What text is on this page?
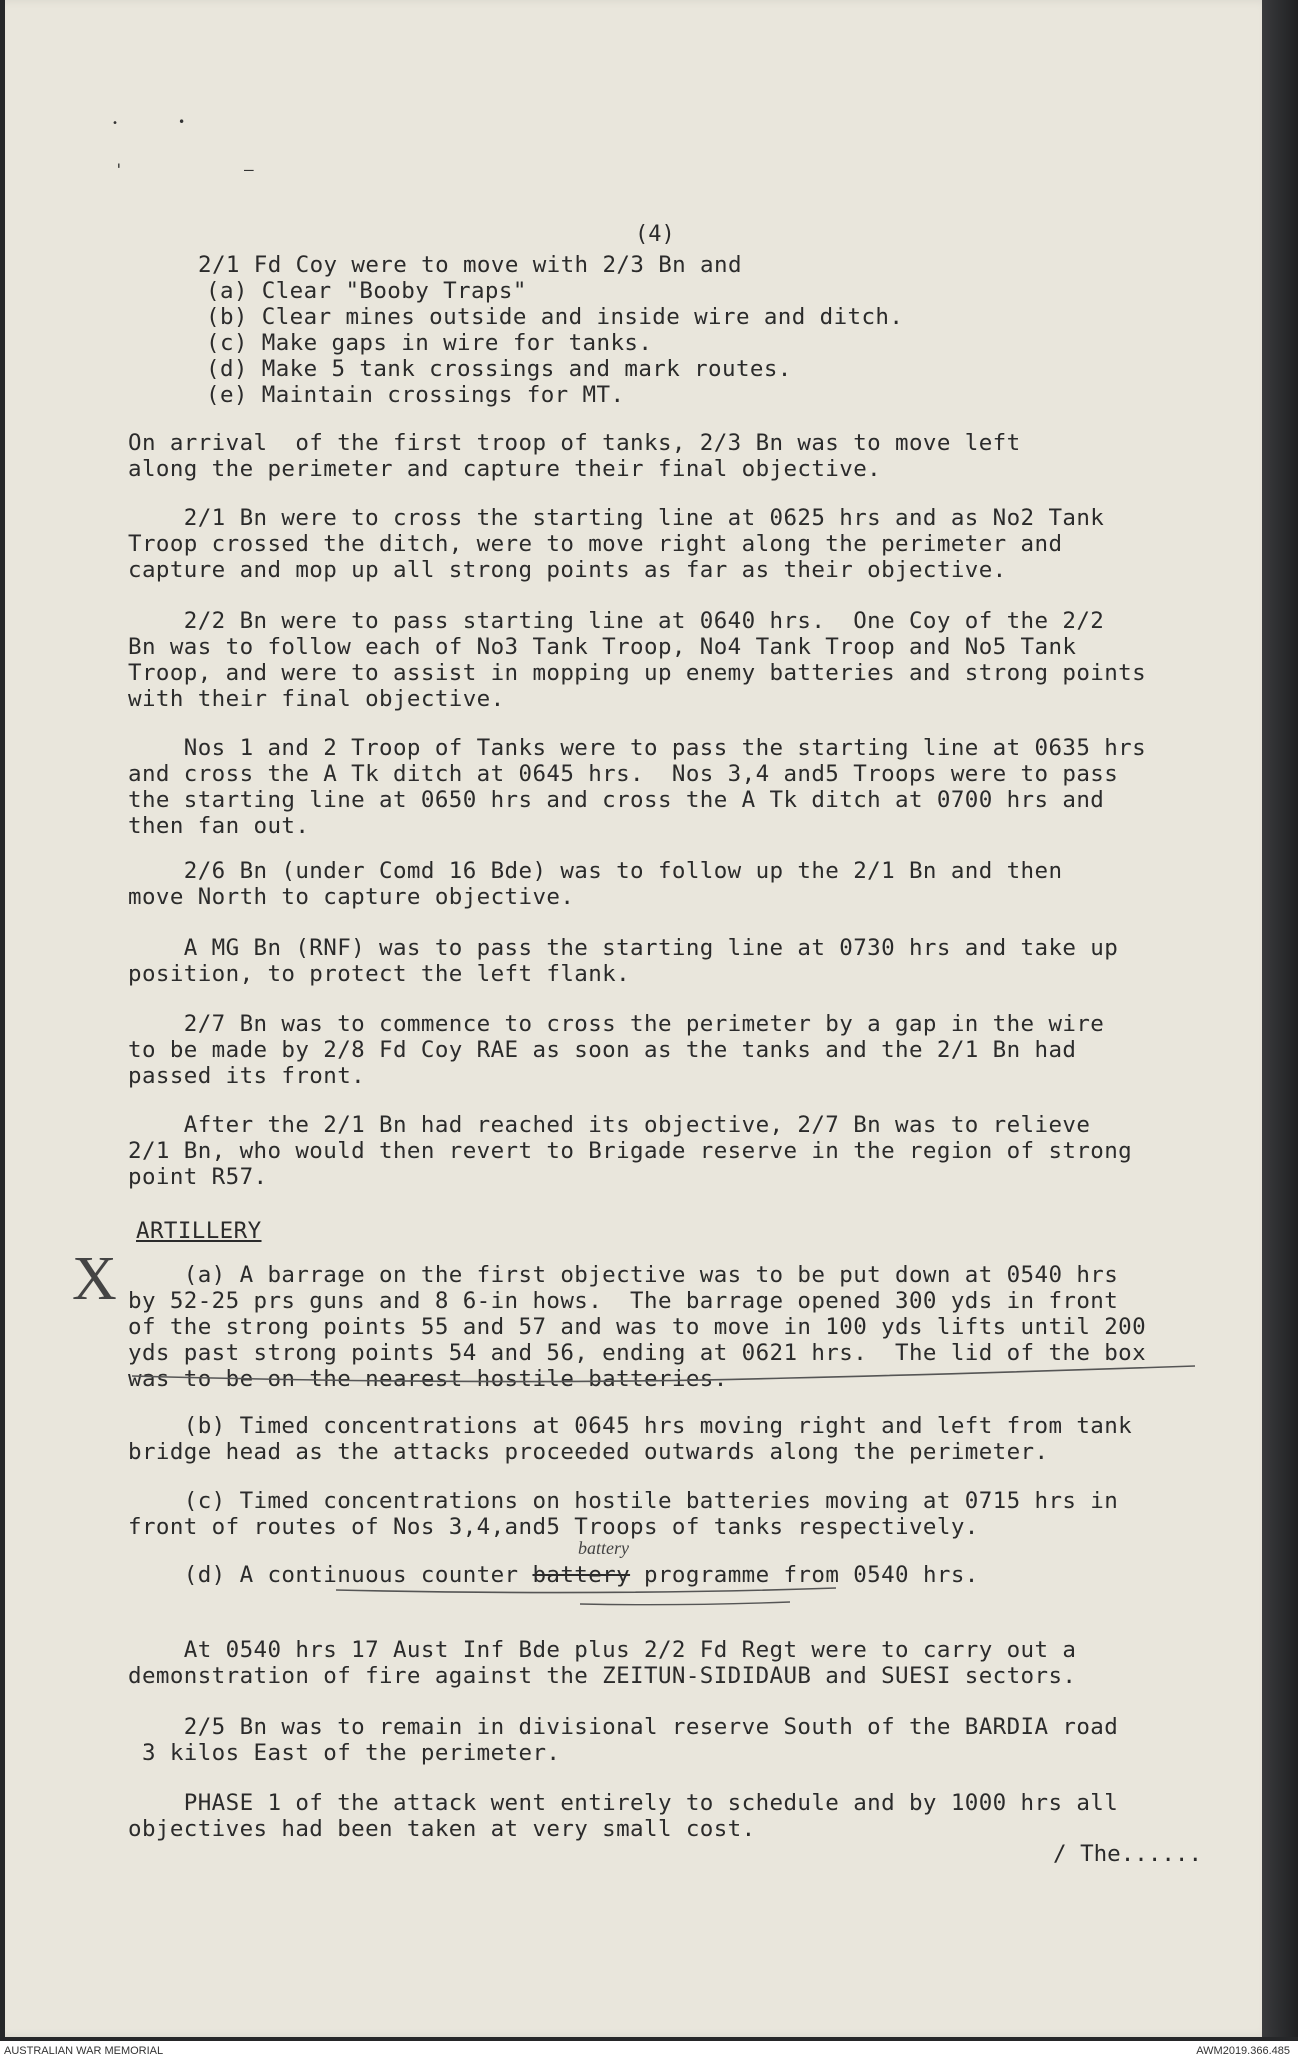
•	•
'	–
(4)
2/1 Fd Coy were to move with 2/3 Bn and
(a) Clear "Booby Traps"
(b) Clear mines outside and inside wire and ditch.
(c) Make gaps in wire for tanks.
(d) Make 5 tank crossings and mark routes.
(e) Maintain crossings for MT.
On arrival  of the first troop of tanks, 2/3 Bn was to move left
along the perimeter and capture their final objective.
2/1 Bn were to cross the starting line at 0625 hrs and as No2 Tank
Troop crossed the ditch, were to move right along the perimeter and
capture and mop up all strong points as far as their objective.
2/2 Bn were to pass starting line at 0640 hrs.  One Coy of the 2/2
Bn was to follow each of No3 Tank Troop, No4 Tank Troop and No5 Tank
Troop, and were to assist in mopping up enemy batteries and strong points
with their final objective.
Nos 1 and 2 Troop of Tanks were to pass the starting line at 0635 hrs
and cross the A Tk ditch at 0645 hrs.  Nos 3,4 and5 Troops were to pass
the starting line at 0650 hrs and cross the A Tk ditch at 0700 hrs and
then fan out.
2/6 Bn (under Comd 16 Bde) was to follow up the 2/1 Bn and then
move North to capture objective.
A MG Bn (RNF) was to pass the starting line at 0730 hrs and take up
position, to protect the left flank.
2/7 Bn was to commence to cross the perimeter by a gap in the wire
to be made by 2/8 Fd Coy RAE as soon as the tanks and the 2/1 Bn had
passed its front.
After the 2/1 Bn had reached its objective, 2/7 Bn was to relieve
2/1 Bn, who would then revert to Brigade reserve in the region of strong
point R57.
ARTILLERY
(a) A barrage on the first objective was to be put down at 0540 hrs
by 52-25 prs guns and 8 6-in hows.  The barrage opened 300 yds in front
of the strong points 55 and 57 and was to move in 100 yds lifts until 200
yds past strong points 54 and 56, ending at 0621 hrs.  The lid of the box
was to be on the nearest hostile batteries.
(b) Timed concentrations at 0645 hrs moving right and left from tank
bridge head as the attacks proceeded outwards along the perimeter.
(c) Timed concentrations on hostile batteries moving at 0715 hrs in
front of routes of Nos 3,4,and5 Troops of tanks respectively.
(d) A continuous counter battery programme from 0540 hrs.
battery
At 0540 hrs 17 Aust Inf Bde plus 2/2 Fd Regt were to carry out a
demonstration of fire against the ZEITUN-SIDIDAUB and SUESI sectors.
2/5 Bn was to remain in divisional reserve South of the BARDIA road
3 kilos East of the perimeter.
PHASE 1 of the attack went entirely to schedule and by 1000 hrs all
objectives had been taken at very small cost.
X
/ The......
AUSTRALIAN WAR MEMORIAL	AWM2019.366.485
